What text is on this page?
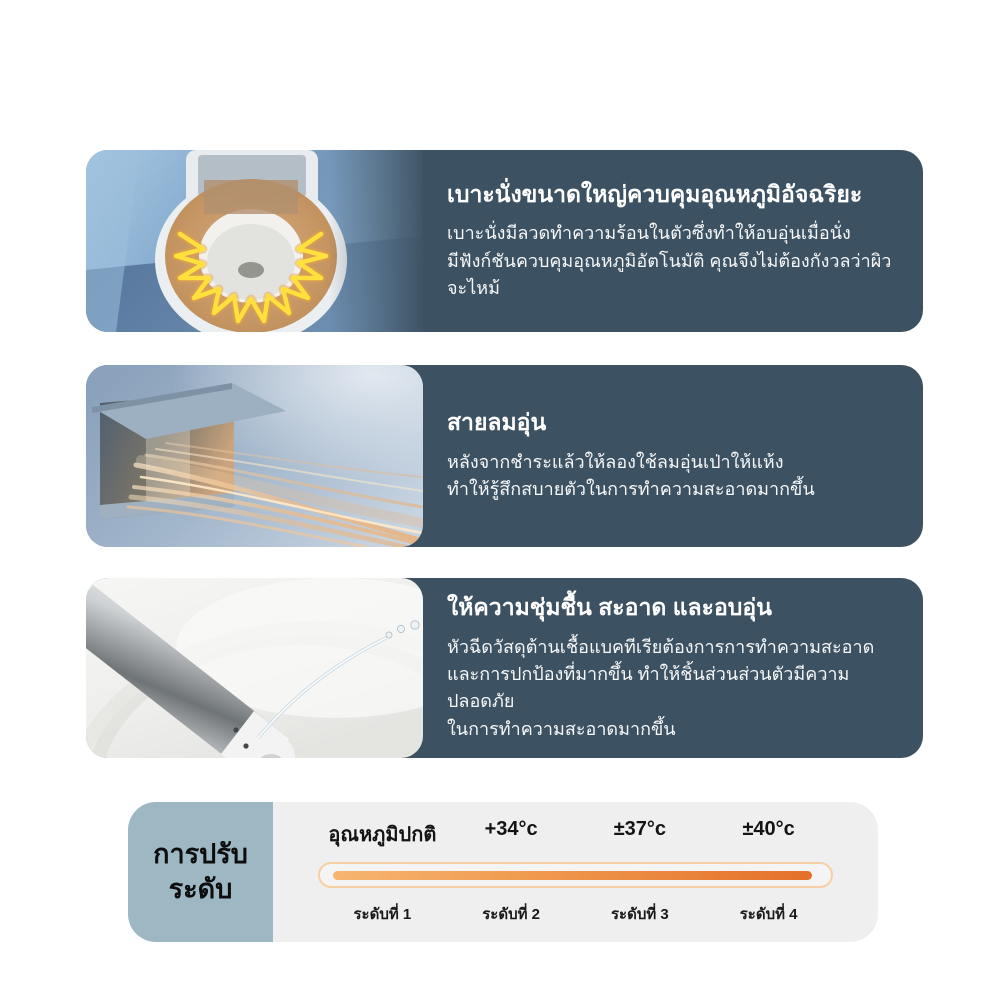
เบาะนั่งขนาดใหญ่ควบคุมอุณหภูมิอัจฉริยะ

เบาะนั่งมีลวดทำความร้อนในตัวซึ่งทำให้อบอุ่นเมื่อนั่ง
มีฟังก์ชันควบคุมอุณหภูมิอัตโนมัติ คุณจึงไม่ต้องกังวลว่าผิวจะไหม้

สายลมอุ่น

หลังจากชำระแล้วให้ลองใช้ลมอุ่นเป่าให้แห้ง
ทำให้รู้สึกสบายตัวในการทำความสะอาดมากขึ้น

ให้ความชุ่มชื้น สะอาด และอบอุ่น

หัวฉีดวัสดุต้านเชื้อแบคทีเรียต้องการการทำความสะอาด
และการปกป้องที่มากขึ้น ทำให้ชิ้นส่วนส่วนตัวมีความปลอดภัย
ในการทำความสะอาดมากขึ้น

การปรับ
ระดับ
อุณหภูมิปกติ	+34°c	±37°c	±40°c
ระดับที่ 1	ระดับที่ 2	ระดับที่ 3	ระดับที่ 4
